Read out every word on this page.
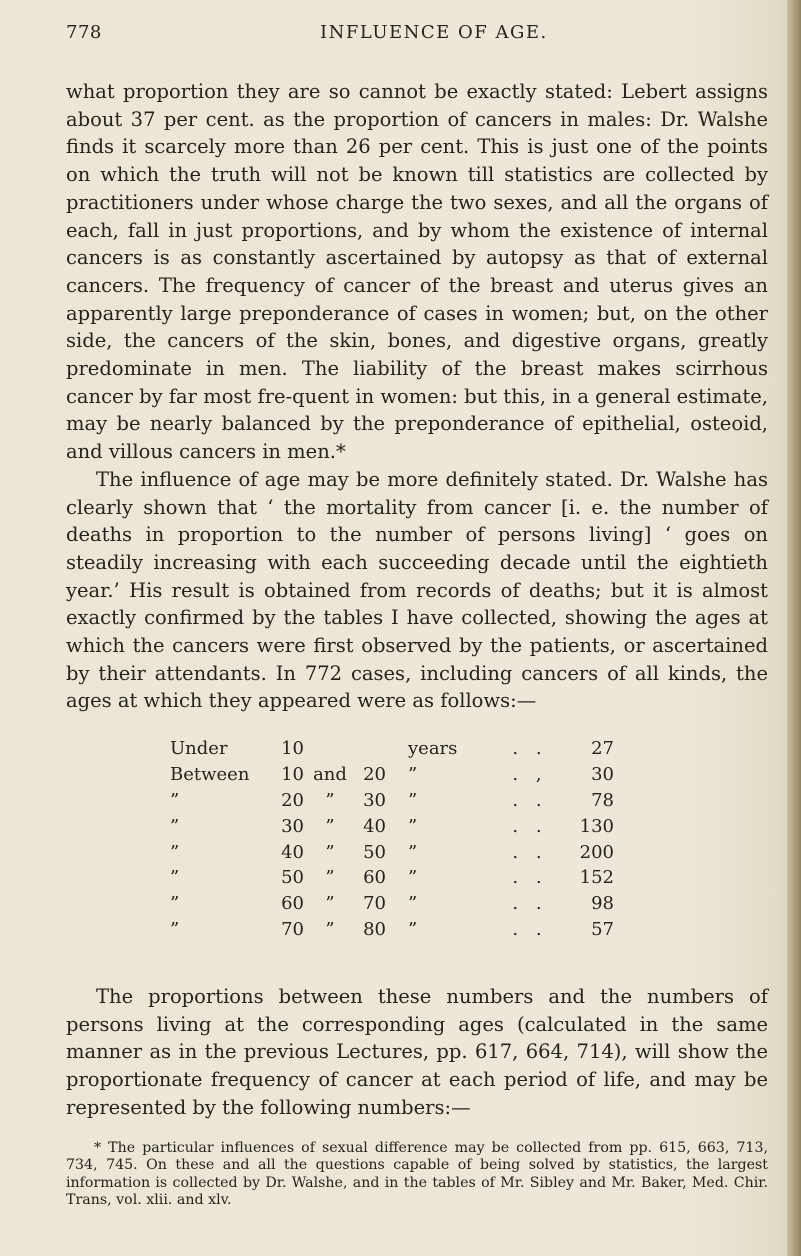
778	INFLUENCE OF AGE.

what proportion they are so cannot be exactly stated: Lebert assigns about 37 per cent. as the proportion of cancers in males: Dr. Walshe finds it scarcely more than 26 per cent. This is just one of the points on which the truth will not be known till statistics are collected by practitioners under whose charge the two sexes, and all the organs of each, fall in just proportions, and by whom the existence of internal cancers is as constantly ascertained by autopsy as that of external cancers. The frequency of cancer of the breast and uterus gives an apparently large preponderance of cases in women; but, on the other side, the cancers of the skin, bones, and digestive organs, greatly predominate in men. The liability of the breast makes scirrhous cancer by far most fre-quent in women: but this, in a general estimate, may be nearly balanced by the preponderance of epithelial, osteoid, and villous cancers in men.*

The influence of age may be more definitely stated. Dr. Walshe has clearly shown that ‘ the mortality from cancer [i. e. the number of deaths in proportion to the number of persons living] ‘ goes on steadily increasing with each succeeding decade until the eightieth year.’ His result is obtained from records of deaths; but it is almost exactly confirmed by the tables I have collected, showing the ages at which the cancers were first observed by the patients, or ascertained by their attendants. In 772 cases, including cancers of all kinds, the ages at which they appeared were as follows:—

Under	10	years	. .	27
Between	10 and 20 ”	. ,	30
”	20	”	30 ”	. .	78
”	30	”	40 ”	. .	130
”	40	”	50 ”	. .	200
”	50	”	60 ”	. .	152
”	60	”	70 ”	. .	98
”	70	”	80 ”	. .	57

The proportions between these numbers and the numbers of persons living at the corresponding ages (calculated in the same manner as in the previous Lectures, pp. 617, 664, 714), will show the proportionate frequency of cancer at each period of life, and may be represented by the following numbers:—

* The particular influences of sexual difference may be collected from pp. 615, 663, 713, 734, 745. On these and all the questions capable of being solved by statistics, the largest information is collected by Dr. Walshe, and in the tables of Mr. Sibley and Mr. Baker, Med. Chir. Trans, vol. xlii. and xlv.
